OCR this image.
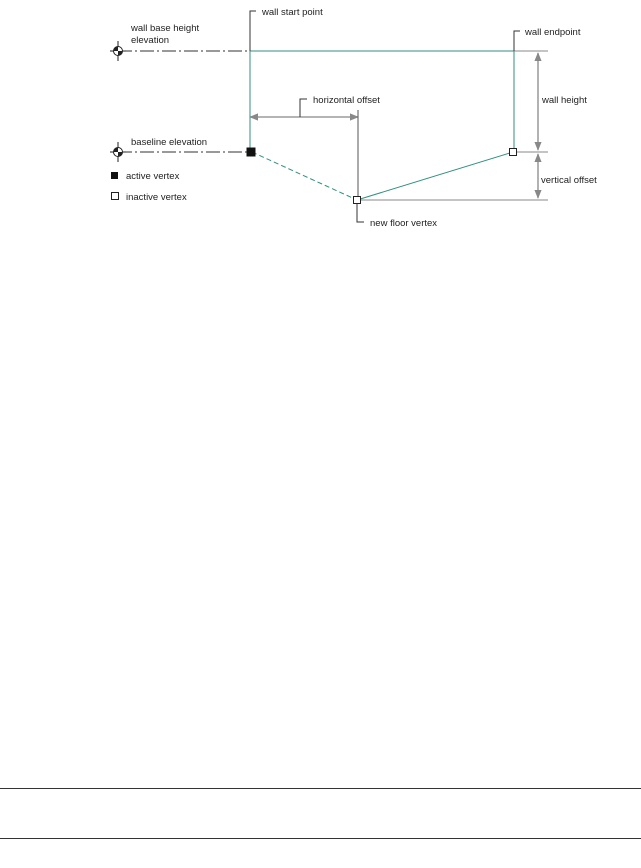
active vertex
inactive vertex
wall base height
elevation
wall start point
wall endpoint
horizontal offset	wall height
baseline elevation
vertical offset
new floor vertex
